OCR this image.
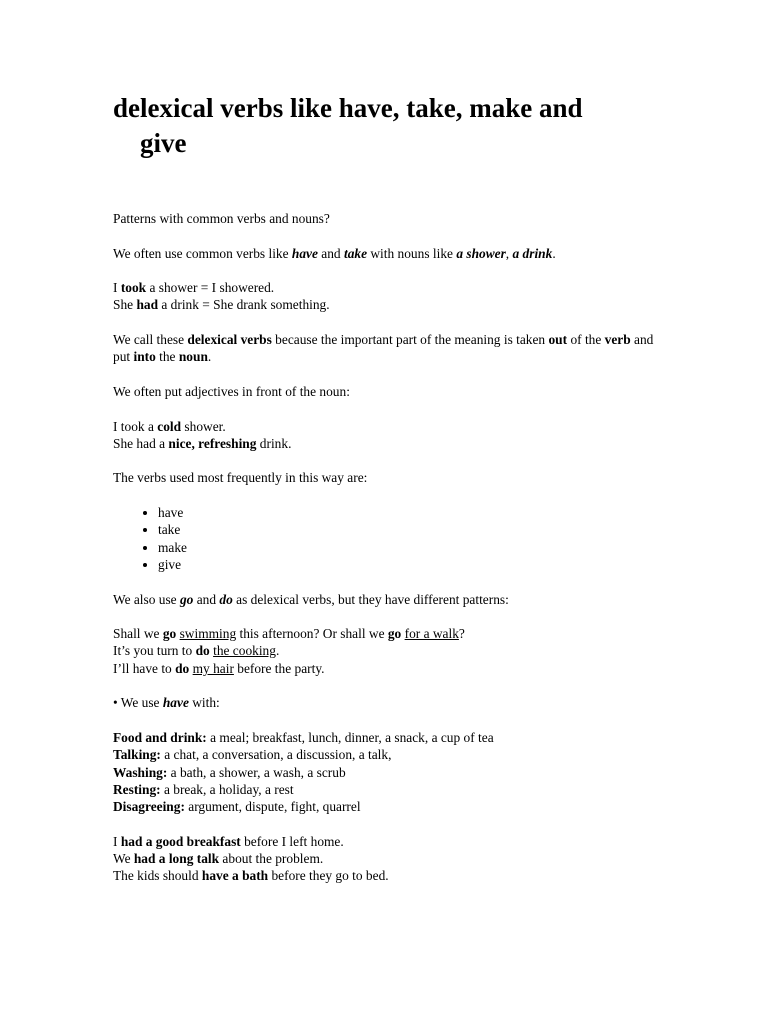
delexical verbs like have, take, make and
give

Patterns with common verbs and nouns?

We often use common verbs like have and take with nouns like a shower, a drink.

I took a shower = I showered.
She had a drink = She drank something.

We call these delexical verbs because the important part of the meaning is taken out of the verb and put into the noun.

We often put adjectives in front of the noun:

I took a cold shower.
She had a nice, refreshing drink.

The verbs used most frequently in this way are:

• have
• take
• make
• give

We also use go and do as delexical verbs, but they have different patterns:

Shall we go swimming this afternoon? Or shall we go for a walk?
It’s you turn to do the cooking.
I’ll have to do my hair before the party.

• We use have with:

Food and drink: a meal; breakfast, lunch, dinner, a snack, a cup of tea
Talking: a chat, a conversation, a discussion, a talk,
Washing: a bath, a shower, a wash, a scrub
Resting: a break, a holiday, a rest
Disagreeing: argument, dispute, fight, quarrel

I had a good breakfast before I left home.
We had a long talk about the problem.
The kids should have a bath before they go to bed.
